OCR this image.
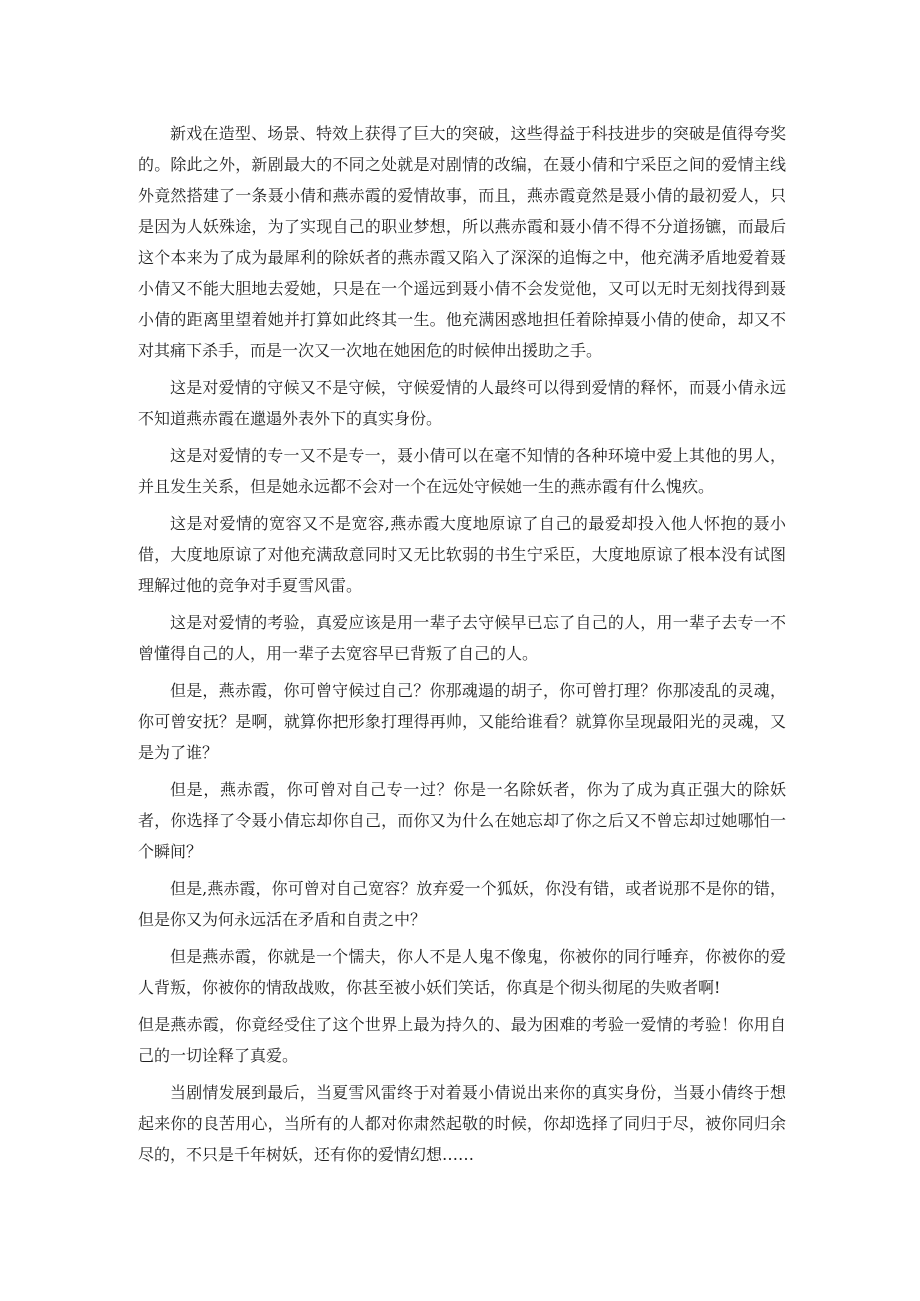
新戏在造型、场景、特效上获得了巨大的突破，这些得益于科技进步的突破是值得夸奖的。除此之外，新剧最大的不同之处就是对剧情的改编，在聂小倩和宁采臣之间的爱情主线外竟然搭建了一条聂小倩和燕赤霞的爱情故事，而且，燕赤霞竟然是聂小倩的最初爱人，只是因为人妖殊途，为了实现自己的职业梦想，所以燕赤霞和聂小倩不得不分道扬镳，而最后这个本来为了成为最犀利的除妖者的燕赤霞又陷入了深深的追悔之中，他充满矛盾地爱着聂小倩又不能大胆地去爱她，只是在一个遥远到聂小倩不会发觉他，又可以无时无刻找得到聂小倩的距离里望着她并打算如此终其一生。他充满困惑地担任着除掉聂小倩的使命，却又不对其痛下杀手，而是一次又一次地在她困危的时候伸出援助之手。

这是对爱情的守候又不是守候，守候爱情的人最终可以得到爱情的释怀，而聂小倩永远不知道燕赤霞在邋遢外表外下的真实身份。

这是对爱情的专一又不是专一，聂小倩可以在毫不知情的各种环境中爱上其他的男人，并且发生关系，但是她永远都不会对一个在远处守候她一生的燕赤霞有什么愧疚。

这是对爱情的宽容又不是宽容,燕赤霞大度地原谅了自己的最爱却投入他人怀抱的聂小借，大度地原谅了对他充满敌意同时又无比软弱的书生宁采臣，大度地原谅了根本没有试图理解过他的竞争对手夏雪风雷。

这是对爱情的考验，真爱应该是用一辈子去守候早已忘了自己的人，用一辈子去专一不曾懂得自己的人，用一辈子去宽容早已背叛了自己的人。

但是，燕赤霞，你可曾守候过自己？你那魂遢的胡子，你可曾打理？你那凌乱的灵魂，你可曾安抚？是啊，就算你把形象打理得再帅，又能给谁看？就算你呈现最阳光的灵魂，又是为了谁？

但是，燕赤霞，你可曾对自己专一过？你是一名除妖者，你为了成为真正强大的除妖者，你选择了令聂小倩忘却你自己，而你又为什么在她忘却了你之后又不曾忘却过她哪怕一个瞬间？

但是,燕赤霞，你可曾对自己宽容？放弃爱一个狐妖，你没有错，或者说那不是你的错，但是你又为何永远活在矛盾和自责之中？

但是燕赤霞，你就是一个懦夫，你人不是人鬼不像鬼，你被你的同行唾弃，你被你的爱人背叛，你被你的情敌战败，你甚至被小妖们笑话，你真是个彻头彻尾的失败者啊!

但是燕赤霞，你竟经受住了这个世界上最为持久的、最为困难的考验一爱情的考验！你用自己的一切诠释了真爱。

当剧情发展到最后，当夏雪风雷终于对着聂小倩说出来你的真实身份，当聂小倩终于想起来你的良苦用心，当所有的人都对你肃然起敬的时候，你却选择了同归于尽，被你同归余尽的，不只是千年树妖，还有你的爱情幻想……
